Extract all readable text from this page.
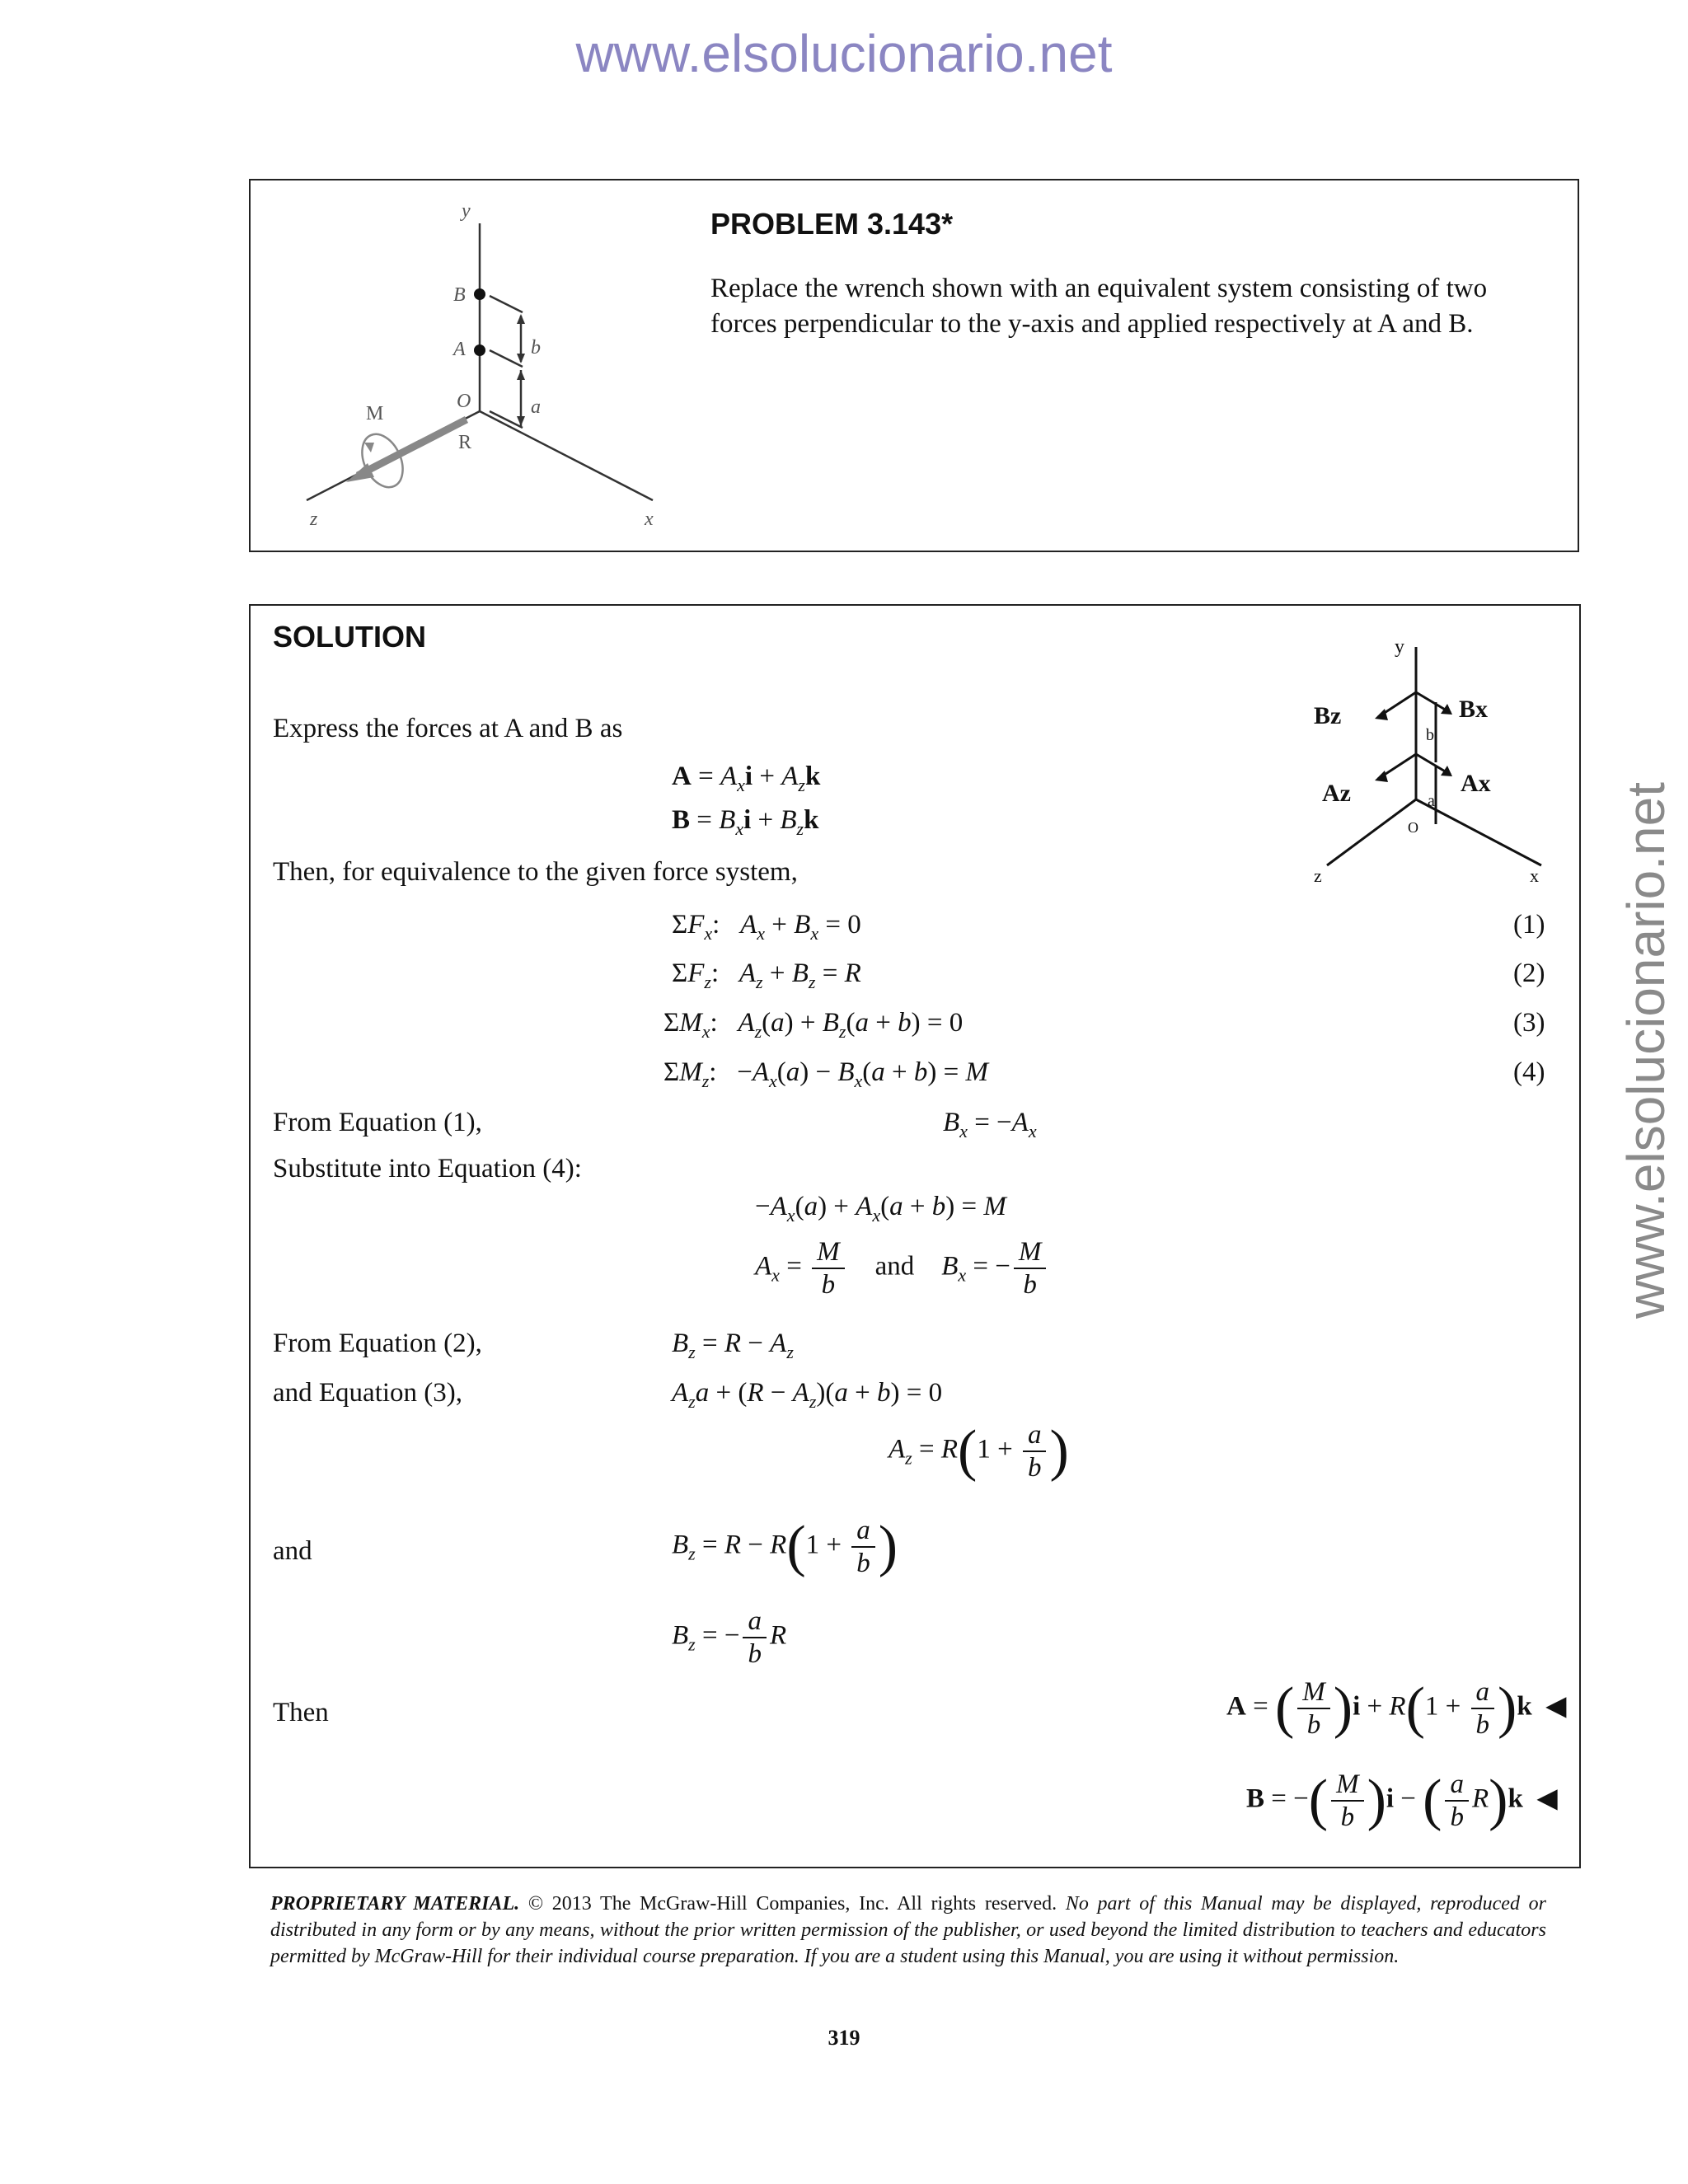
www.elsolucionario.net
www.elsolucionario.net
y
B
A	b
O	a
M
R
z	x
PROBLEM 3.143*
Replace the wrench shown with an equivalent system consisting of two
forces perpendicular to the y-axis and applied respectively at A and B.
SOLUTION	y
Bz	Bx
b
Az	Ax
a
O
z	x
Express the forces at A and B as
$A = A_xi + A_zk$
$B = B_xi + B_zk$
Then, for equivalence to the given force system,
$\Sigma F_x$:   $A_x + B_x = 0$
$\Sigma F_z$:   $A_z + B_z = R$
$\Sigma M_x$:   $A_z(a) + B_z(a + b) = 0$
$\Sigma M_z$:   $-A_x(a) - B_x(a + b) = M$
(1)
(2)
(3)
(4)
From Equation (1),	$B_x = -A_x$
Substitute into Equation (4):
$-A_x(a) + A_x(a + b) = M$
$A_x = \frac{M}{b}$ and $B_x$ = − $\frac{M}{b}$
From Equation (2),	$B_z = R - A_z$
and Equation (3),	$A_za + (R - A_z)(a + b) = 0$
$A_z = R(1 + \frac{a}{b}$ )
and	$B_z = R - R(1 + \frac{a}{b}$ )
$B_z$ = − $\frac{a}{b}$ R
Then	A = ( $\frac{M}{b} )i + R(1 + \frac{a}{b} )k$  ◀
B = −( $\frac{M}{b} )i$ − ( $\frac{a}{b} R)k$  ◀
PROPRIETARY MATERIAL. © 2013 The McGraw-Hill Companies, Inc. All rights reserved. No part of this Manual may be displayed, reproduced or distributed in any form or by any means, without the prior written permission of the publisher, or used beyond the limited distribution to teachers and educators permitted by McGraw-Hill for their individual course preparation. If you are a student using this Manual, you are using it without permission.
319
